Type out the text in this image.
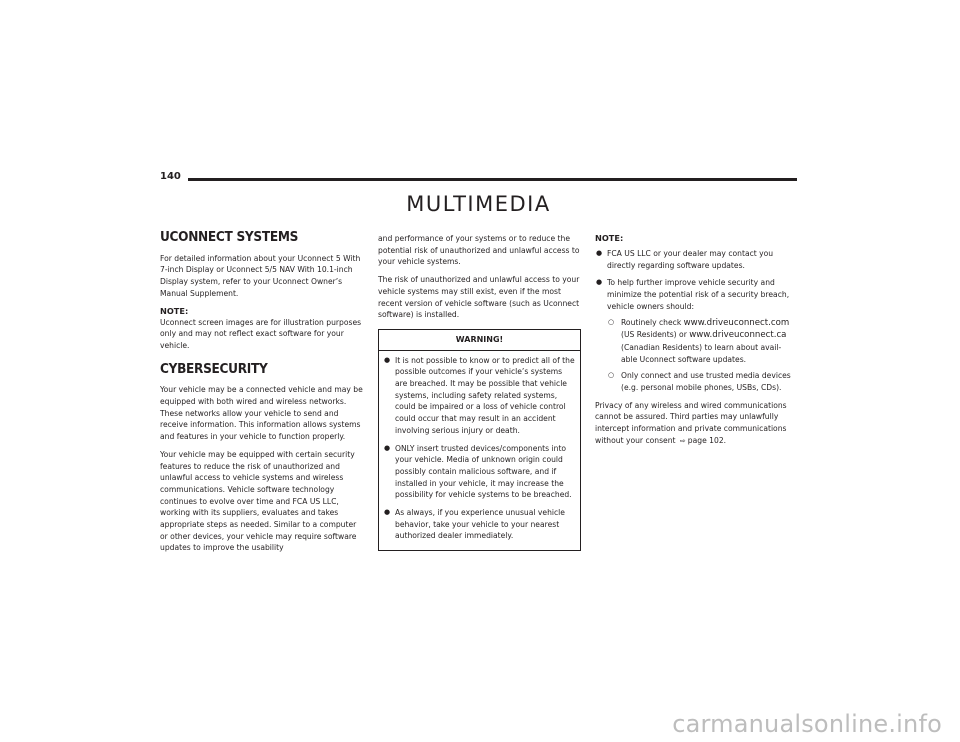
140
MULTIMEDIA
UCONNECT SYSTEMS

For detailed information about your Uconnect 5 With 7-inch Display or Uconnect 5/5 NAV With 10.1-inch Display system, refer to your Uconnect Owner’s Manual Supplement.

NOTE:

Uconnect screen images are for illustration purposes only and may not reflect exact software for your vehicle.

CYBERSECURITY

Your vehicle may be a connected vehicle and may be equipped with both wired and wireless networks. These networks allow your vehicle to send and receive information. This information allows systems and features in your vehicle to function properly.

Your vehicle may be equipped with certain security features to reduce the risk of unauthorized and unlawful access to vehicle systems and wireless communications. Vehicle software technology continues to evolve over time and FCA US LLC, working with its suppliers, evaluates and takes appropriate steps as needed. Similar to a computer or other devices, your vehicle may require software updates to improve the usability

and performance of your systems or to reduce the potential risk of unauthorized and unlawful access to your vehicle systems.

The risk of unauthorized and unlawful access to your vehicle systems may still exist, even if the most recent version of vehicle software (such as Uconnect software) is installed.

WARNING!
● It is not possible to know or to predict all of the possible outcomes if your vehicle’s systems are breached. It may be possible that vehicle systems, including safety related systems, could be impaired or a loss of vehicle control could occur that may result in an accident involving serious injury or death.
● ONLY insert trusted devices/components into your vehicle. Media of unknown origin could possibly contain malicious software, and if installed in your vehicle, it may increase the possibility for vehicle systems to be breached.
● As always, if you experience unusual vehicle behavior, take your vehicle to your nearest authorized dealer immediately.
NOTE:
● FCA US LLC or your dealer may contact you directly regarding software updates.
● To help further improve vehicle security and minimize the potential risk of a security breach, vehicle owners should:
○ Routinely check www.driveuconnect.com (US Residents) or www.driveuconnect.ca (Canadian Residents) to learn about avail-able Uconnect software updates.
○ Only connect and use trusted media devices (e.g. personal mobile phones, USBs, CDs).

Privacy of any wireless and wired communications cannot be assured. Third parties may unlawfully intercept information and private communications without your consent ⇨ page 102.

carmanualsonline.info
